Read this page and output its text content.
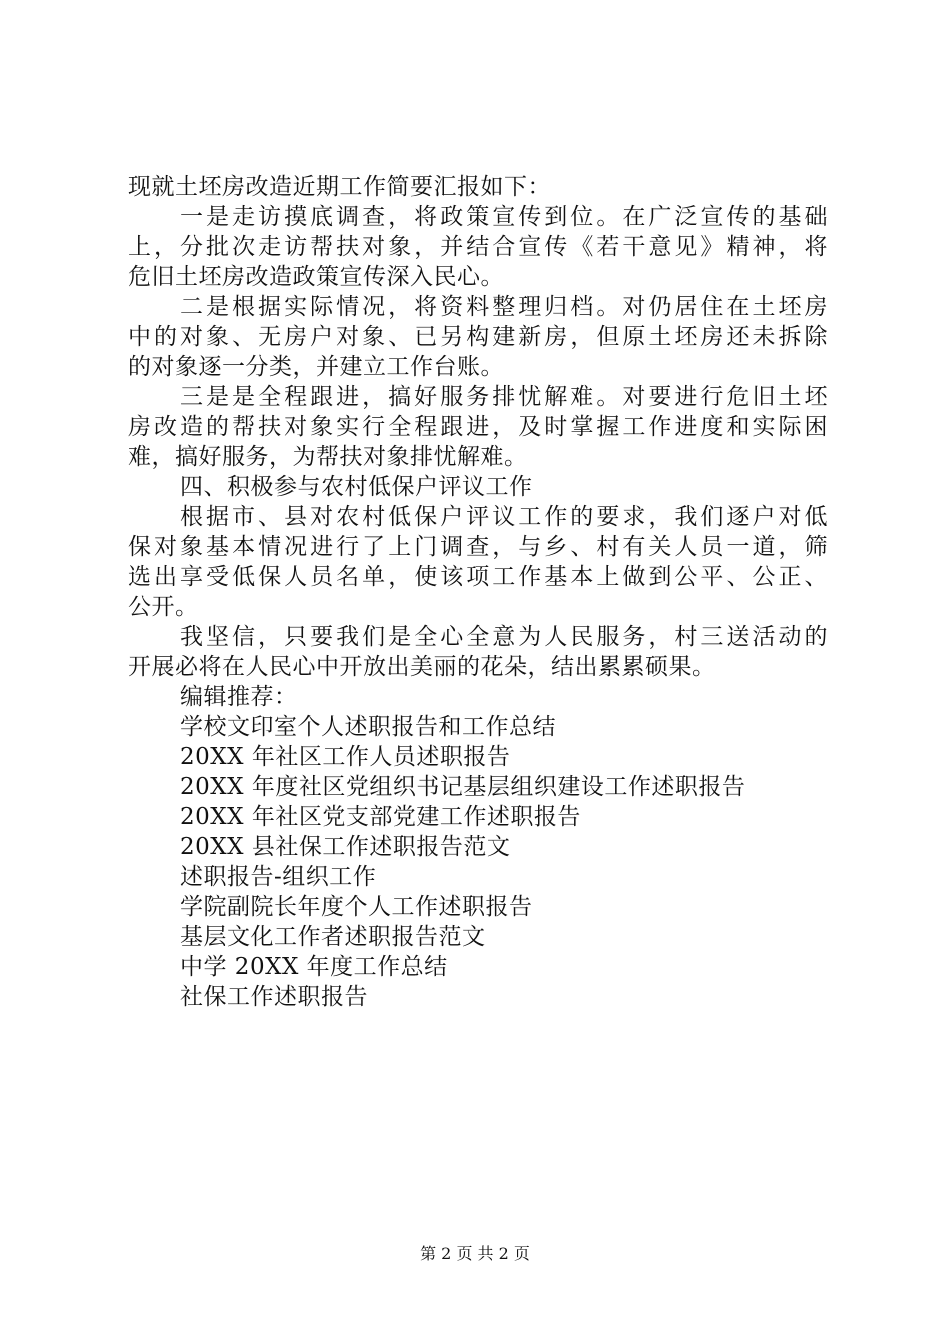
现就土坯房改造近期工作简要汇报如下：
一是走访摸底调查，将政策宣传到位。在广泛宣传的基础
上，分批次走访帮扶对象，并结合宣传《若干意见》精神，将
危旧土坯房改造政策宣传深入民心。
二是根据实际情况，将资料整理归档。对仍居住在土坯房
中的对象、无房户对象、已另构建新房，但原土坯房还未拆除
的对象逐一分类，并建立工作台账。
三是是全程跟进，搞好服务排忧解难。对要进行危旧土坯
房改造的帮扶对象实行全程跟进，及时掌握工作进度和实际困
难，搞好服务，为帮扶对象排忧解难。
四、积极参与农村低保户评议工作
根据市、县对农村低保户评议工作的要求，我们逐户对低
保对象基本情况进行了上门调查，与乡、村有关人员一道，筛
选出享受低保人员名单，使该项工作基本上做到公平、公正、
公开。
我坚信，只要我们是全心全意为人民服务，村三送活动的
开展必将在人民心中开放出美丽的花朵，结出累累硕果。
编辑推荐：
学校文印室个人述职报告和工作总结
20XX 年社区工作人员述职报告
20XX 年度社区党组织书记基层组织建设工作述职报告
20XX 年社区党支部党建工作述职报告
20XX 县社保工作述职报告范文
述职报告-组织工作
学院副院长年度个人工作述职报告
基层文化工作者述职报告范文
中学 20XX 年度工作总结
社保工作述职报告
第 2 页 共 2 页
